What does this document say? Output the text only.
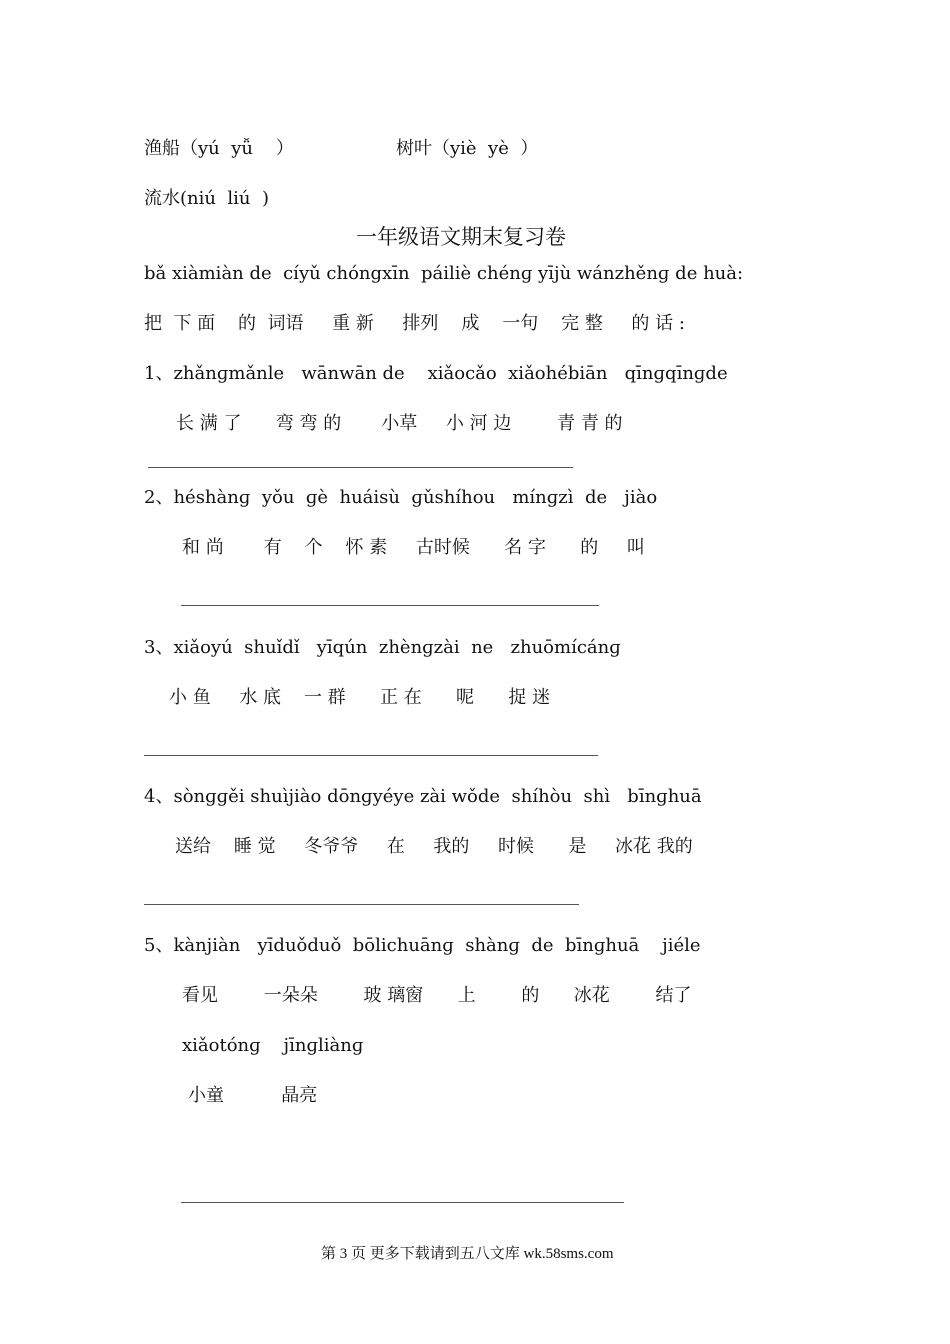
渔船（yú  yǚ    ）	树叶（yiè  yè  ）
流水(niú  liú  )
一年级语文期末复习卷
bǎ xiàmiàn de  cíyǔ chóngxīn  páiliè chénɡ yījù wánzhěnɡ de huà:
把  下 面    的  词语     重 新     排列    成    一句    完 整     的 话 :
1、zhǎnɡmǎnle   wānwān de    xiǎocǎo  xiǎohébiān   qīnɡqīnɡde
长 满 了      弯 弯 的       小草     小 河 边        青 青 的
2、héshànɡ  yǒu  ɡè  huáisù  ɡǔshíhou   mínɡzì  de   jiào
和 尚       有    个    怀 素     古时候      名 字      的     叫
3、xiǎoyú  shuǐdǐ   yīqún  zhènɡzài  ne   zhuōmícánɡ
小 鱼     水 底    一 群      正 在      呢      捉 迷
4、sònɡɡěi shuìjiào dōnɡyéye zài wǒde  shíhòu  shì   bīnɡhuā
送给    睡 觉     冬爷爷     在     我的     时候      是     冰花 我的
5、kànjiàn   yīduǒduǒ  bōlichuānɡ  shànɡ  de  bīnɡhuā    jiéle
看见        一朵朵        玻 璃窗      上        的      冰花        结了
xiǎotónɡ    jīnɡliànɡ
小童          晶亮
第 3 页 更多下载请到五八文库 wk.58sms.com
